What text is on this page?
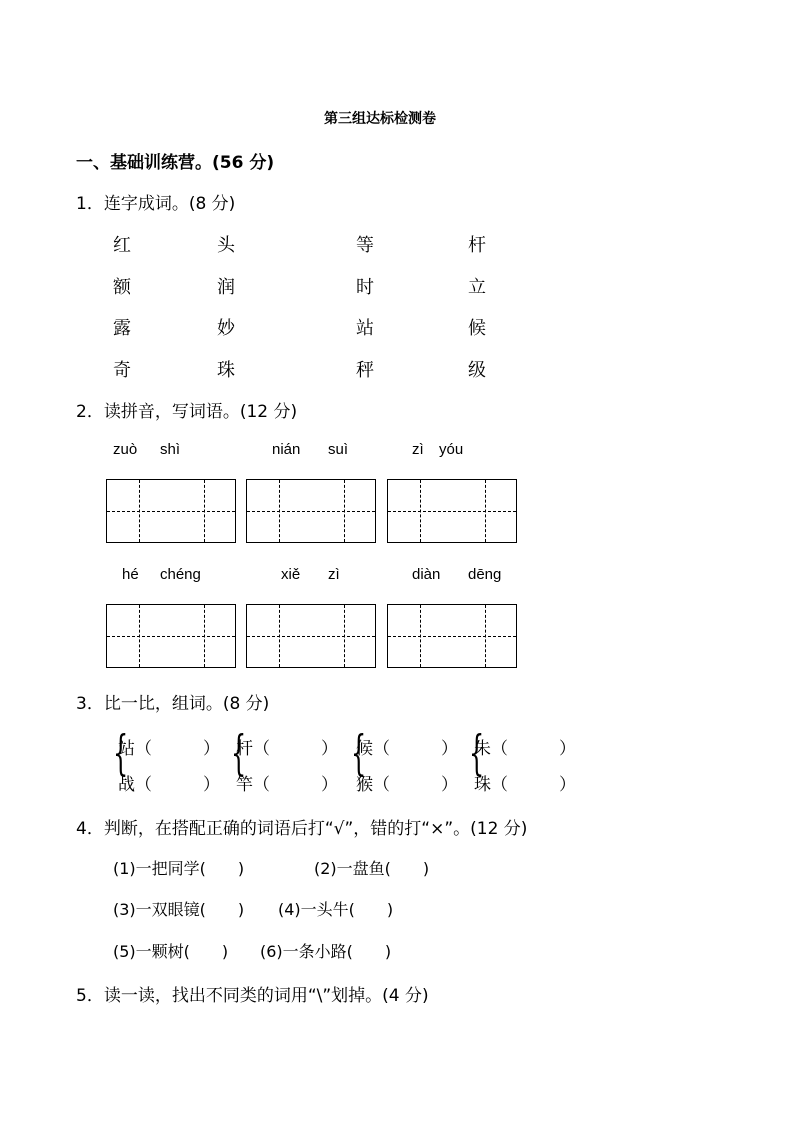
第三组达标检测卷
一、基础训练营。(56 分)
1．连字成词。(8 分)
红	头	等	杆
额	润	时	立
露	妙	站	候
奇	珠	秤	级
2．读拼音，写词语。(12 分)
zuò shì	nián suì	zì yóu
hé chéng	xiě zì	diàn dēng
3．比一比，组词。(8 分)
{
站（　　　）
战（　　　）
{
杆（　　　）
竿（　　　）
{
候（　　　）
猴（　　　）
{
朱（　　　）
珠（　　　）
4．判断，在搭配正确的词语后打“√”，错的打“×”。(12 分)
(1)一把同学(　　)	(2)一盘鱼(　　)
(3)一双眼镜(　　) (4)一头牛(　　)
(5)一颗树(　　) (6)一条小路(　　)
5．读一读，找出不同类的词用“\”划掉。(4 分)
